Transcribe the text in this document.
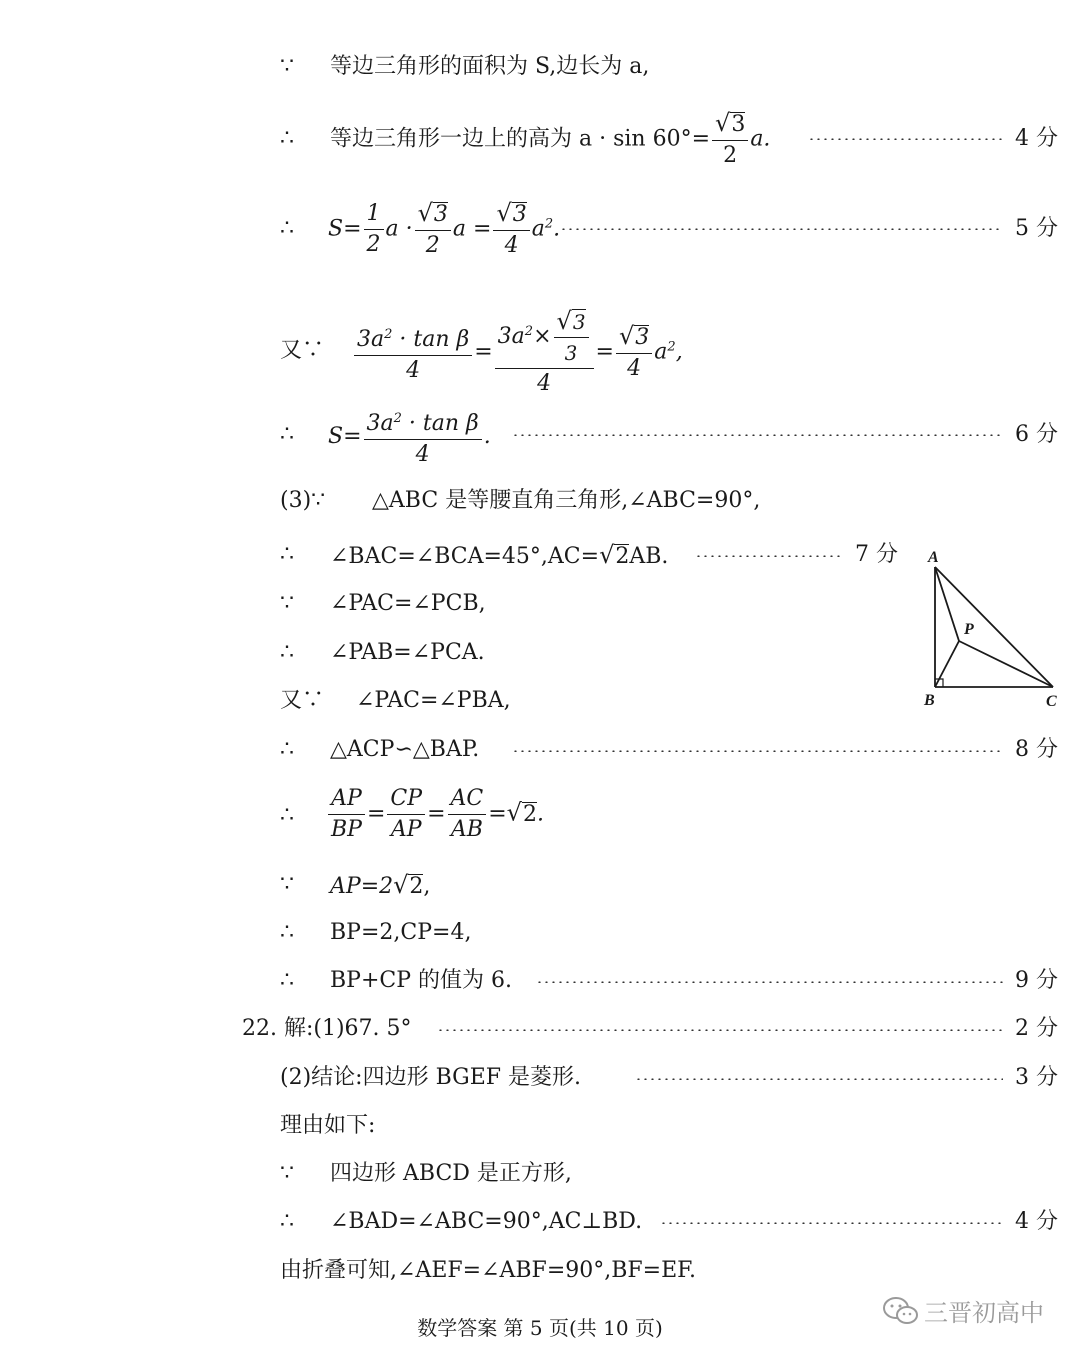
∵	等边三角形的面积为 S,边长为 a,
∴	等边三角形一边上的高为 $a \cdot \sin 60^\circ= \frac{√3}{2} a$.	4 分
∴	$S= \frac{1}{2}$ $a \cdot \frac{√3}{2}$ $a = \frac{√3}{4} a^2$.	5 分
又∵ $\frac{3a^2 \cdot \tan \beta}{4} = \frac{3a^2\times \frac{√3}{3}}{4} = \frac{√3}{4} a^2$,
∴	$S= \frac{3a^2 \cdot \tan \beta}{4}$ .	6 分
(3)∵ △ABC 是等腰直角三角形,∠ABC=90°,
∴	∠BAC=∠BCA=45°,AC=√2AB.	7 分
∵	∠PAC=∠PCB,
∴	∠PAB=∠PCA.
又∵ ∠PAC=∠PBA,
∴	△ACP∽△BAP.	8 分
∴	$\frac{AP}{BP} = \frac{CP}{AP} = \frac{AC}{AB} =√2$.
∵	AP=2√2,
∴	BP=2,CP=4,
∴	BP+CP 的值为 6.	9 分
22. 解:(1)67. 5°	2 分
(2)结论:四边形 BGEF 是菱形.	3 分
理由如下:
∵	四边形 ABCD 是正方形,
∴	∠BAD=∠ABC=90°,AC⊥BD.	4 分
由折叠可知,∠AEF=∠ABF=90°,BF=EF.
A
B	C
P
数学答案 第 5 页(共 10 页)
三晋初高中
